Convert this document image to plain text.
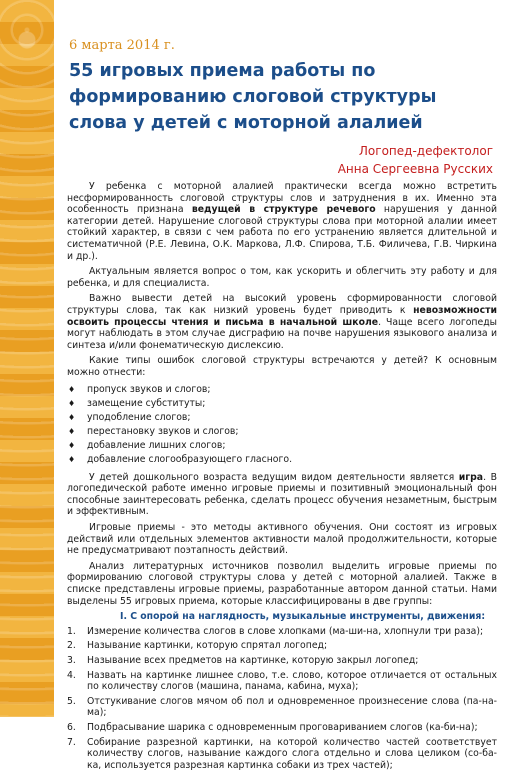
6 марта 2014 г.
55 игровых приема работы по формированию слоговой структуры слова у детей с моторной алалией
Логопед-дефектолог
Анна Сергеевна Русских

У ребенка с моторной алалией практически всегда можно встретить несформированность слоговой структуры слов и затруднения в их. Именно эта особенность признана ведущей в структуре речевого нарушения у данной категории детей. Нарушение слоговой структуры слова при моторной алалии имеет стойкий характер, в связи с чем работа по его устранению является длительной и систематичной (Р.Е. Левина, О.К. Маркова, Л.Ф. Спирова, Т.Б. Филичева, Г.В. Чиркина и др.).

Актуальным является вопрос о том, как ускорить и облегчить эту работу и для ребенка, и для специалиста.

Важно вывести детей на высокий уровень сформированности слоговой структуры слова, так как низкий уровень будет приводить к невозможности освоить процессы чтения и письма в начальной школе. Чаще всего логопеды могут наблюдать в этом случае дисграфию на почве нарушения языкового анализа и синтеза и/или фонематическую дислексию.

Какие типы ошибок слоговой структуры встречаются у детей? К основным можно отнести:

♦ пропуск звуков и слогов;
♦ замещение субституты;
♦ уподобление слогов;
♦ перестановку звуков и слогов;
♦ добавление лишних слогов;
♦ добавление слогообразующего гласного.

У детей дошкольного возраста ведущим видом деятельности является игра. В логопедической работе именно игровые приемы и позитивный эмоциональный фон способные заинтересовать ребенка, сделать процесс обучения незаметным, быстрым и эффективным.

Игровые приемы - это методы активного обучения. Они состоят из игровых действий или отдельных элементов активности малой продолжительности, которые не предусматривают поэтапность действий.

Анализ литературных источников позволил выделить игровые приемы по формированию слоговой структуры слова у детей с моторной алалией. Также в списке представлены игровые приемы, разработанные автором данной статьи. Нами выделены 55 игровых приема, которые классифицированы в две группы:

I. С опорой на наглядность, музыкальные инструменты, движения:
1.	Измерение количества слогов в слове хлопками (ма-ши-на, хлопнули три раза);
2.	Называние картинки, которую спрятал логопед;
3.	Называние всех предметов на картинке, которую закрыл логопед;
4.	Назвать на картинке лишнее слово, т.е. слово, которое отличается от остальных по количеству слогов (машина, панама, кабина, муха);
5.	Отстукивание слогов мячом об пол и одновременное произнесение слова (па-на-ма);
6.	Подбрасывание шарика с одновременным проговариванием слогов (ка-би-на);
7.	Собирание разрезной картинки, на которой количество частей соответствует количеству слогов, называние каждого слога отдельно и слова целиком (со-ба-ка, используется разрезная картинка собаки из трех частей);
